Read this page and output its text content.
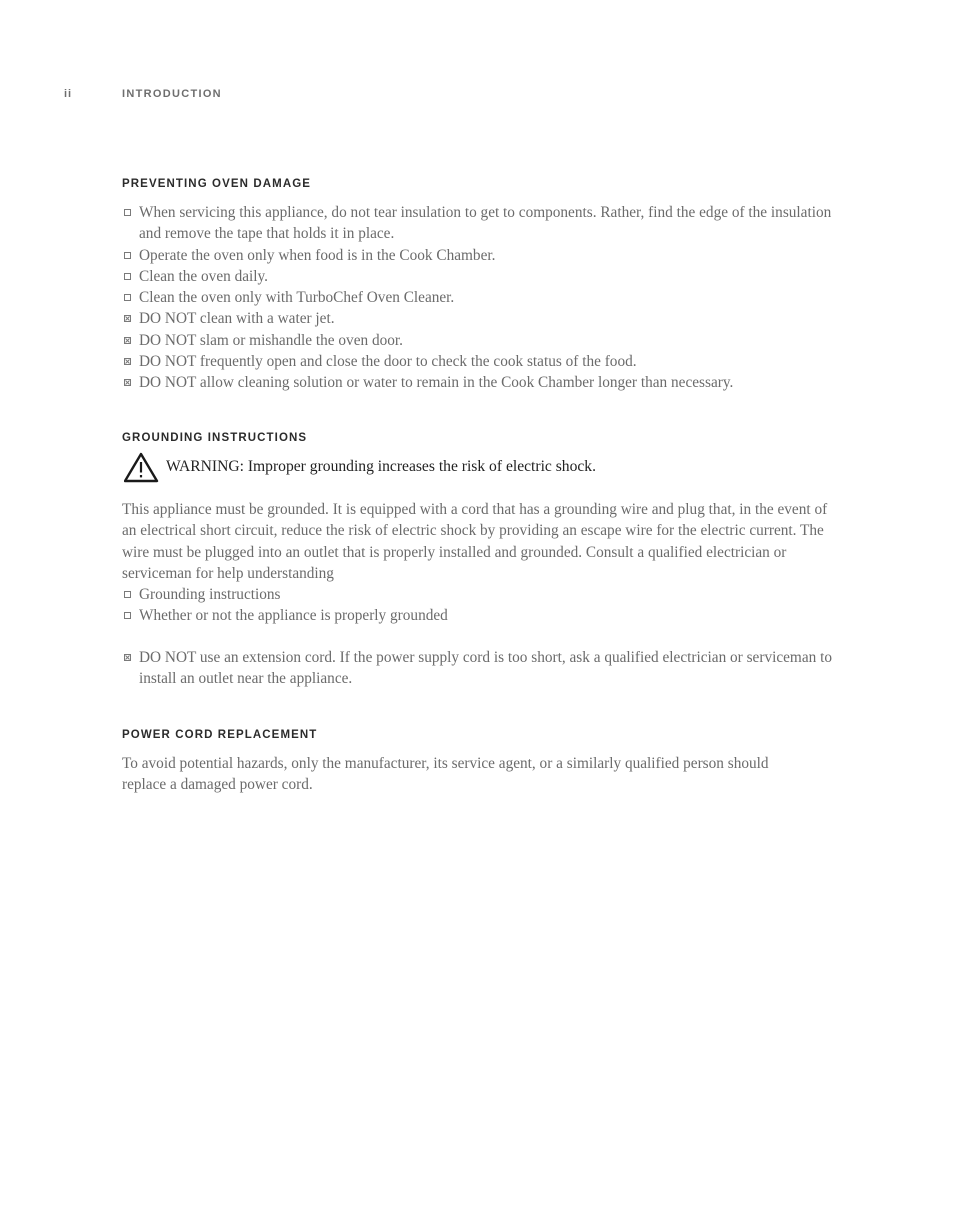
ii	INTRODUCTION
PREVENTING OVEN DAMAGE
When servicing this appliance, do not tear insulation to get to components. Rather, find the edge of the insulation and remove the tape that holds it in place.
Operate the oven only when food is in the Cook Chamber.
Clean the oven daily.
Clean the oven only with TurboChef Oven Cleaner.
DO NOT clean with a water jet.
DO NOT slam or mishandle the oven door.
DO NOT frequently open and close the door to check the cook status of the food.
DO NOT allow cleaning solution or water to remain in the Cook Chamber longer than necessary.
GROUNDING INSTRUCTIONS
WARNING: Improper grounding increases the risk of electric shock.

This appliance must be grounded. It is equipped with a cord that has a grounding wire and plug that, in the event of an electrical short circuit, reduce the risk of electric shock by providing an escape wire for the electric current. The wire must be plugged into an outlet that is properly installed and grounded. Consult a qualified electrician or serviceman for help understanding

Grounding instructions
Whether or not the appliance is properly grounded
DO NOT use an extension cord. If the power supply cord is too short, ask a qualified electrician or serviceman to install an outlet near the appliance.
POWER CORD REPLACEMENT

To avoid potential hazards, only the manufacturer, its service agent, or a similarly qualified person should replace a damaged power cord.
